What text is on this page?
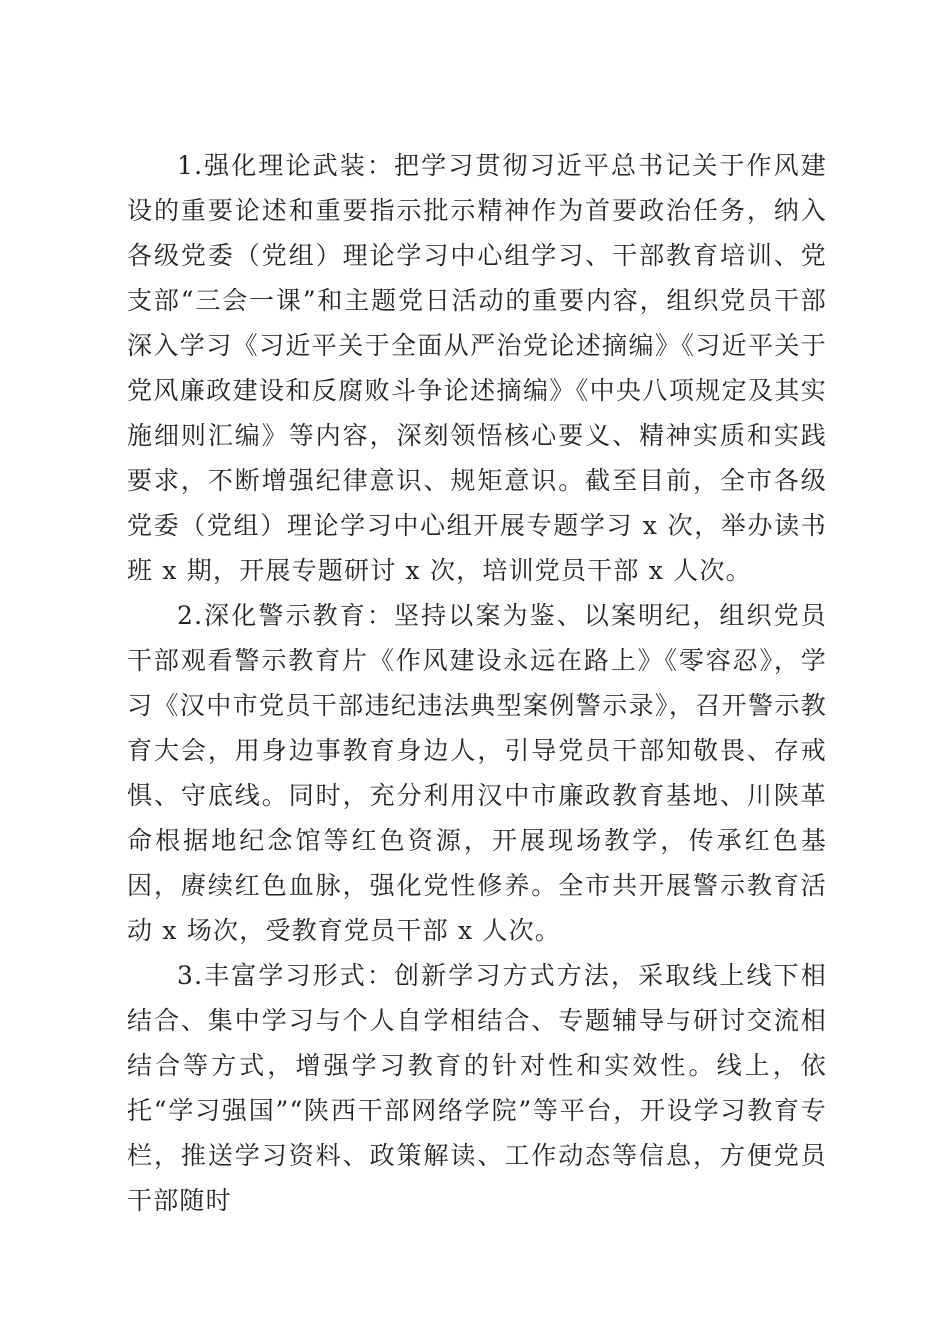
1.强化理论武装：把学习贯彻习近平总书记关于作风建设的重要论述和重要指示批示精神作为首要政治任务，纳入各级党委（党组）理论学习中心组学习、干部教育培训、党支部“三会一课”和主题党日活动的重要内容，组织党员干部深入学习《习近平关于全面从严治党论述摘编》《习近平关于党风廉政建设和反腐败斗争论述摘编》《中央八项规定及其实施细则汇编》等内容，深刻领悟核心要义、精神实质和实践要求，不断增强纪律意识、规矩意识。截至目前，全市各级党委（党组）理论学习中心组开展专题学习 x 次，举办读书班 x 期，开展专题研讨 x 次，培训党员干部 x 人次。

2.深化警示教育：坚持以案为鉴、以案明纪，组织党员干部观看警示教育片《作风建设永远在路上》《零容忍》，学习《汉中市党员干部违纪违法典型案例警示录》，召开警示教育大会，用身边事教育身边人，引导党员干部知敬畏、存戒惧、守底线。同时，充分利用汉中市廉政教育基地、川陕革命根据地纪念馆等红色资源，开展现场教学，传承红色基因，赓续红色血脉，强化党性修养。全市共开展警示教育活动 x 场次，受教育党员干部 x 人次。

3.丰富学习形式：创新学习方式方法，采取线上线下相结合、集中学习与个人自学相结合、专题辅导与研讨交流相结合等方式，增强学习教育的针对性和实效性。线上，依托“学习强国”“陕西干部网络学院”等平台，开设学习教育专栏，推送学习资料、政策解读、工作动态等信息，方便党员干部随时
